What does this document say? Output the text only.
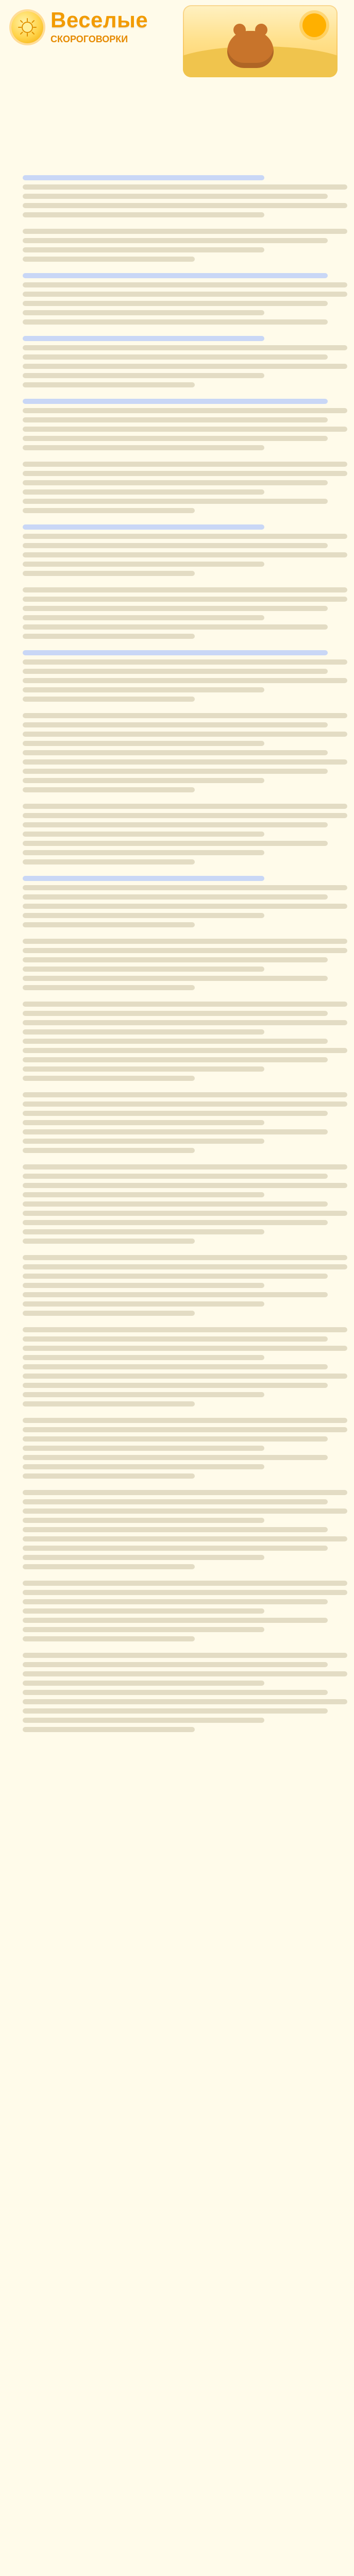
Веселые
СКОРОГОВОРКИ
